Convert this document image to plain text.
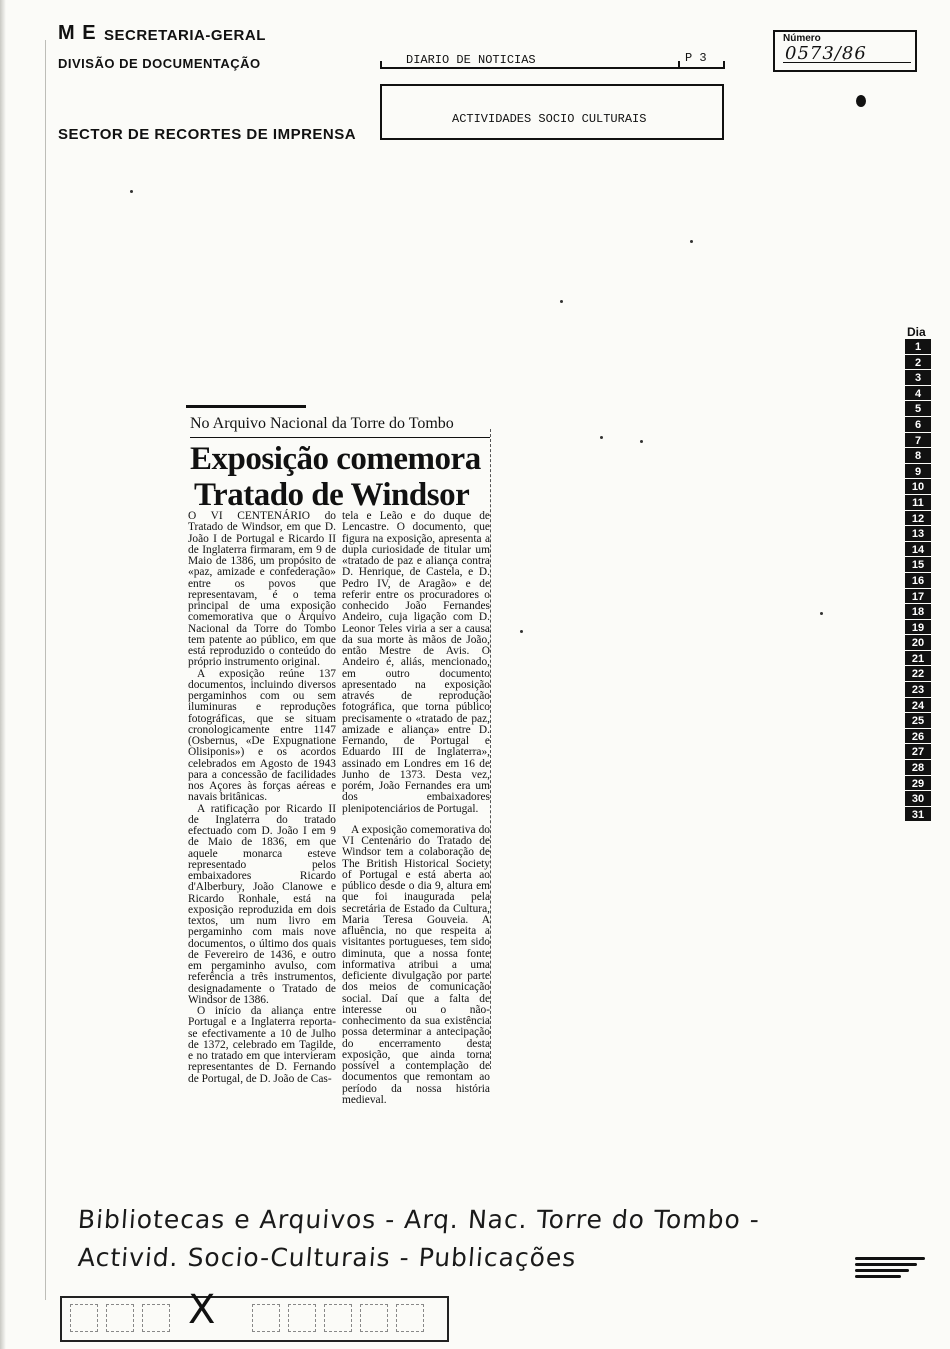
M E SECRETARIA-GERAL
DIVISÃO DE DOCUMENTAÇÃO
SECTOR DE RECORTES DE IMPRENSA
DIARIO DE NOTICIAS	P 3
ACTIVIDADES SOCIO CULTURAIS
Número
0573/86
Dia
1
2
3
4
5
6
7
8
9
10
11
12
13
14
15
16
17
18
19
20
21
22
23
24
25
26
27
28
29
30
31
No Arquivo Nacional da Torre do Tombo
Exposição comemora
Tratado de Windsor

O VI CENTENÁRIO do Tratado de Windsor, em que D. João I de Portugal e Ricardo II de Inglaterra firmaram, em 9 de Maio de 1386, um propósito de «paz, amizade e confederação» entre os povos que representavam, é o tema principal de uma exposição comemorativa que o Arquivo Nacional da Torre do Tombo tem patente ao público, em que está reproduzido o conteúdo do próprio instrumento original.

A exposição reúne 137 documentos, incluindo diversos pergaminhos com ou sem iluminuras e reproduções fotográficas, que se situam cronologicamente entre 1147 (Osbernus, «De Expugnatione Olisiponis») e os acordos celebrados em Agosto de 1943 para a concessão de facilidades nos Açores às forças aéreas e navais britânicas.

A ratificação por Ricardo II de Inglaterra do tratado efectuado com D. João I em 9 de Maio de 1836, em que aquele monarca esteve representado pelos embaixadores Ricardo d'Alberbury, João Clanowe e Ricardo Ronhale, está na exposição reproduzida em dois textos, um num livro em pergaminho com mais nove documentos, o último dos quais de Fevereiro de 1436, e outro em pergaminho avulso, com referência a três instrumentos, designadamente o Tratado de Windsor de 1386.

O início da aliança entre Portugal e a Inglaterra reporta-se efectivamente a 10 de Julho de 1372, celebrado em Tagilde, e no tratado em que intervieram representantes de D. Fernando de Portugal, de D. João de Cas-

tela e Leão e do duque de Lencastre. O documento, que figura na exposição, apresenta a dupla curiosidade de titular um «tratado de paz e aliança contra D. Henrique, de Castela, e D. Pedro IV, de Aragão» e de referir entre os procuradores o conhecido João Fernandes Andeiro, cuja ligação com D. Leonor Teles viria a ser a causa da sua morte às mãos de João, então Mestre de Avis. O Andeiro é, aliás, mencionado, em outro documento apresentado na exposição através de reprodução fotográfica, que torna público precisamente o «tratado de paz, amizade e aliança» entre D. Fernando, de Portugal e Eduardo III de Inglaterra», assinado em Londres em 16 de Junho de 1373. Desta vez, porém, João Fernandes era um dos embaixadores plenipotenciários de Portugal.

A exposição comemorativa do VI Centenário do Tratado de Windsor tem a colaboração de The British Historical Society of Portugal e está aberta ao público desde o dia 9, altura em que foi inaugurada pela secretária de Estado da Cultura, Maria Teresa Gouveia. A afluência, no que respeita a visitantes portugueses, tem sido diminuta, que a nossa fonte informativa atribui a uma deficiente divulgação por parte dos meios de comunicação social. Daí que a falta de interesse ou o não-conhecimento da sua existência possa determinar a antecipação do encerramento desta exposição, que ainda torna possível a contemplação de documentos que remontam ao período da nossa história medieval.

Bibliotecas e Arquivos - Arq. Nac. Torre do Tombo -
Activid. Socio-Culturais - Publicações
X
